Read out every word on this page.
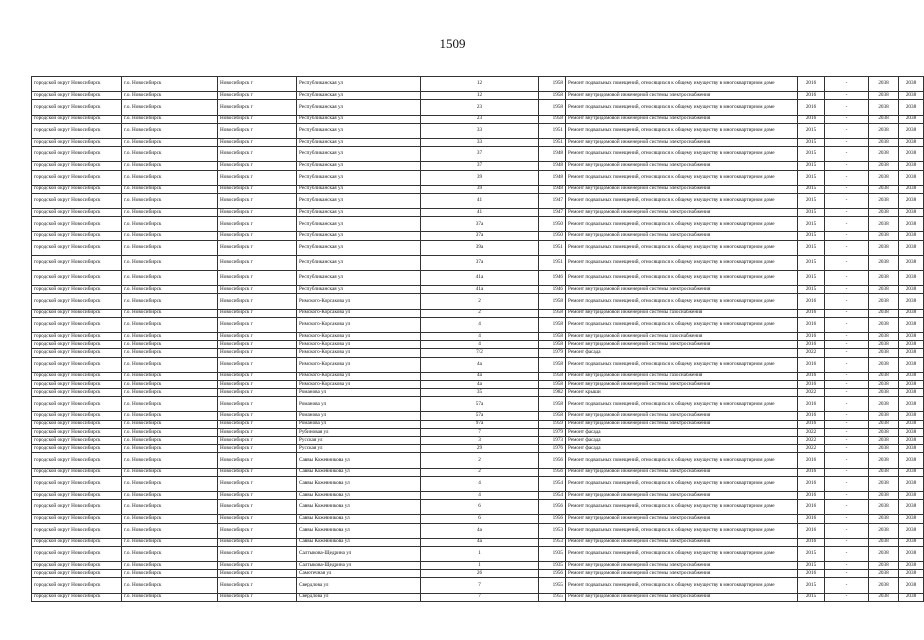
1509
городской округ Новосибирск	г.о. Новосибирск	Новосибирск г	Республиканская ул	12	1958	Ремонт подвальных помещений, относящихся к общему имуществу в многоквартирном доме	2016	-	2038	2038
городской округ Новосибирск	г.о. Новосибирск	Новосибирск г	Республиканская ул	12	1958	Ремонт внутридомовой инженерной системы электроснабжения	2016	-	2038	2038
городской округ Новосибирск	г.о. Новосибирск	Новосибирск г	Республиканская ул	23	1958	Ремонт подвальных помещений, относящихся к общему имуществу в многоквартирном доме	2016	-	2038	2038
городской округ Новосибирск	г.о. Новосибирск	Новосибирск г	Республиканская ул	23	1958	Ремонт внутридомовой инженерной системы электроснабжения	2016	-	2038	2038
городской округ Новосибирск	г.о. Новосибирск	Новосибирск г	Республиканская ул	33	1951	Ремонт подвальных помещений, относящихся к общему имуществу в многоквартирном доме	2015	-	2038	2038
городской округ Новосибирск	г.о. Новосибирск	Новосибирск г	Республиканская ул	33	1951	Ремонт внутридомовой инженерной системы электроснабжения	2015	-	2038	2038
городской округ Новосибирск	г.о. Новосибирск	Новосибирск г	Республиканская ул	37	1948	Ремонт подвальных помещений, относящихся к общему имуществу в многоквартирном доме	2015	-	2038	2038
городской округ Новосибирск	г.о. Новосибирск	Новосибирск г	Республиканская ул	37	1948	Ремонт внутридомовой инженерной системы электроснабжения	2015	-	2038	2038
городской округ Новосибирск	г.о. Новосибирск	Новосибирск г	Республиканская ул	39	1948	Ремонт подвальных помещений, относящихся к общему имуществу в многоквартирном доме	2015	-	2038	2038
городской округ Новосибирск	г.о. Новосибирск	Новосибирск г	Республиканская ул	39	1948	Ремонт внутридомовой инженерной системы электроснабжения	2015	-	2038	2038
городской округ Новосибирск	г.о. Новосибирск	Новосибирск г	Республиканская ул	41	1947	Ремонт подвальных помещений, относящихся к общему имуществу в многоквартирном доме	2015	-	2038	2038
городской округ Новосибирск	г.о. Новосибирск	Новосибирск г	Республиканская ул	41	1947	Ремонт внутридомовой инженерной системы электроснабжения	2015	-	2038	2038
городской округ Новосибирск	г.о. Новосибирск	Новосибирск г	Республиканская ул	37а	1950	Ремонт подвальных помещений, относящихся к общему имуществу в многоквартирном доме	2015	-	2038	2038
городской округ Новосибирск	г.о. Новосибирск	Новосибирск г	Республиканская ул	37а	1950	Ремонт внутридомовой инженерной системы электроснабжения	2015	-	2038	2038
городской округ Новосибирск	г.о. Новосибирск	Новосибирск г	Республиканская ул	39а	1951	Ремонт подвальных помещений, относящихся к общему имуществу в многоквартирном доме	2015	-	2038	2038
городской округ Новосибирск	г.о. Новосибирск	Новосибирск г	Республиканская ул	37а	1951	Ремонт подвальных помещений, относящихся к общему имуществу в многоквартирном доме	2015	-	2038	2038
городской округ Новосибирск	г.о. Новосибирск	Новосибирск г	Республиканская ул	41а	1946	Ремонт подвальных помещений, относящихся к общему имуществу в многоквартирном доме	2015	-	2038	2038
городской округ Новосибирск	г.о. Новосибирск	Новосибирск г	Республиканская ул	41а	1946	Ремонт внутридомовой инженерной системы электроснабжения	2015	-	2038	2038
городской округ Новосибирск	г.о. Новосибирск	Новосибирск г	Римского-Корсакова ул	2	1958	Ремонт подвальных помещений, относящихся к общему имуществу в многоквартирном доме	2016	-	2038	2038
городской округ Новосибирск	г.о. Новосибирск	Новосибирск г	Римского-Корсакова ул	2	1958	Ремонт внутридомовой инженерной системы газоснабжения	2016	-	2038	2038
городской округ Новосибирск	г.о. Новосибирск	Новосибирск г	Римского-Корсакова ул	4	1958	Ремонт подвальных помещений, относящихся к общему имуществу в многоквартирном доме	2016	-	2038	2038
городской округ Новосибирск	г.о. Новосибирск	Новосибирск г	Римского-Корсакова ул	4	1958	Ремонт внутридомовой инженерной системы газоснабжения	2016	-	2038	2038
городской округ Новосибирск	г.о. Новосибирск	Новосибирск г	Римского-Корсакова ул	4	1958	Ремонт внутридомовой инженерной системы электроснабжения	2016	-	2038	2038
городской округ Новосибирск	г.о. Новосибирск	Новосибирск г	Римского-Корсакова ул	7/2	1979	Ремонт фасада	2022	-	2038	2038
городской округ Новосибирск	г.о. Новосибирск	Новосибирск г	Римского-Корсакова ул	4а	1958	Ремонт подвальных помещений, относящихся к общему имуществу в многоквартирном доме	2016	-	2038	2038
городской округ Новосибирск	г.о. Новосибирск	Новосибирск г	Римского-Корсакова ул	4а	1958	Ремонт внутридомовой инженерной системы газоснабжения	2016	-	2038	2038
городской округ Новосибирск	г.о. Новосибирск	Новосибирск г	Римского-Корсакова ул	4а	1958	Ремонт внутридомовой инженерной системы электроснабжения	2016	-	2038	2038
городской округ Новосибирск	г.о. Новосибирск	Новосибирск г	Романова ул	35	1982	Ремонт крыши	2022	-	2038	2038
городской округ Новосибирск	г.о. Новосибирск	Новосибирск г	Романова ул	57а	1958	Ремонт подвальных помещений, относящихся к общему имуществу в многоквартирном доме	2016	-	2038	2038
городской округ Новосибирск	г.о. Новосибирск	Новосибирск г	Романова ул	57а	1958	Ремонт внутридомовой инженерной системы электроснабжения	2016	-	2038	2038
городской округ Новосибирск	г.о. Новосибирск	Новосибирск г	Романова ул	97а	1959	Ремонт внутридомовой инженерной системы электроснабжения	2016	-	2038	2038
городской округ Новосибирск	г.о. Новосибирск	Новосибирск г	Рубиновая ул	7	1979	Ремонт фасада	2022	-	2038	2038
городской округ Новосибирск	г.о. Новосибирск	Новосибирск г	Русская ул	3	1973	Ремонт фасада	2022	-	2038	2038
городской округ Новосибирск	г.о. Новосибирск	Новосибирск г	Русская ул	29	1976	Ремонт фасада	2022	-	2038	2038
городской округ Новосибирск	г.о. Новосибирск	Новосибирск г	Саввы Кожевникова ул	2	1956	Ремонт подвальных помещений, относящихся к общему имуществу в многоквартирном доме	2016	-	2038	2038
городской округ Новосибирск	г.о. Новосибирск	Новосибирск г	Саввы Кожевникова ул	2	1956	Ремонт внутридомовой инженерной системы электроснабжения	2016	-	2038	2038
городской округ Новосибирск	г.о. Новосибирск	Новосибирск г	Саввы Кожевникова ул	4	1954	Ремонт подвальных помещений, относящихся к общему имуществу в многоквартирном доме	2016	-	2038	2038
городской округ Новосибирск	г.о. Новосибирск	Новосибирск г	Саввы Кожевникова ул	4	1954	Ремонт внутридомовой инженерной системы электроснабжения	2016	-	2038	2038
городской округ Новосибирск	г.о. Новосибирск	Новосибирск г	Саввы Кожевникова ул	6	1956	Ремонт подвальных помещений, относящихся к общему имуществу в многоквартирном доме	2016	-	2038	2038
городской округ Новосибирск	г.о. Новосибирск	Новосибирск г	Саввы Кожевникова ул	6	1956	Ремонт внутридомовой инженерной системы электроснабжения	2016	-	2038	2038
городской округ Новосибирск	г.о. Новосибирск	Новосибирск г	Саввы Кожевникова ул	4а	1953	Ремонт подвальных помещений, относящихся к общему имуществу в многоквартирном доме	2016	-	2038	2038
городской округ Новосибирск	г.о. Новосибирск	Новосибирск г	Саввы Кожевникова ул	4а	1953	Ремонт внутридомовой инженерной системы электроснабжения	2016	-	2038	2038
городской округ Новосибирск	г.о. Новосибирск	Новосибирск г	Салтыкова-Щедрина ул	1	1935	Ремонт подвальных помещений, относящихся к общему имуществу в многоквартирном доме	2015	-	2038	2038
городской округ Новосибирск	г.о. Новосибирск	Новосибирск г	Салтыкова-Щедрина ул	1	1935	Ремонт внутридомовой инженерной системы электроснабжения	2015	-	2038	2038
городской округ Новосибирск	г.о. Новосибирск	Новосибирск г	Самотечная ул	26	1956	Ремонт внутридомовой инженерной системы электроснабжения	2016	-	2038	2038
городской округ Новосибирск	г.о. Новосибирск	Новосибирск г	Свердлова ул	7	1955	Ремонт подвальных помещений, относящихся к общему имуществу в многоквартирном доме	2015	-	2038	2038
городской округ Новосибирск	г.о. Новосибирск	Новосибирск г	Свердлова ул	7	1955	Ремонт внутридомовой инженерной системы электроснабжения	2015	-	2038	2038
